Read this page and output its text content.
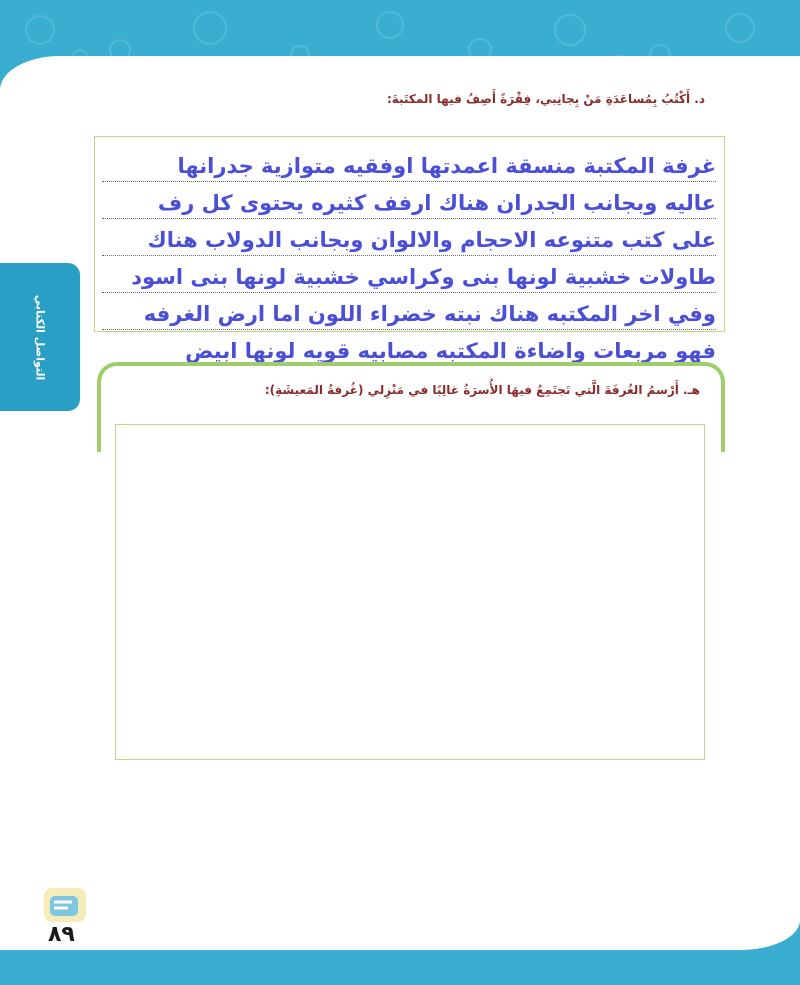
التواصل الكتابي
د. أَكْتُبُ بِمُساعَدَةِ مَنْ بِجانِبي، فِقْرَةً أَصِفُ فيها المكتَبةَ:
غرفة المكتبة منسقة اعمدتها اوفقيه متوازية جدرانها
عاليه وبجانب الجدران هناك ارفف كثيره يحتوى كل رف
على كتب متنوعه الاحجام والالوان وبجانب الدولاب هناك
طاولات خشبية لونها بنى وكراسي خشبية لونها بنى اسود
وفي اخر المكتبه هناك نبته خضراء اللون اما ارض الغرفه
فهو مربعات واضاءة المكتبه مصابيه قويه لونها ابيض
هـ. أَرْسمُ الغُرفَةَ الَّتي تَجتَمِعُ فيهَا الأُسرَةُ غالِبًا في مَنْزِلي (غُرفةُ المَعيشَةِ):
٨٩
